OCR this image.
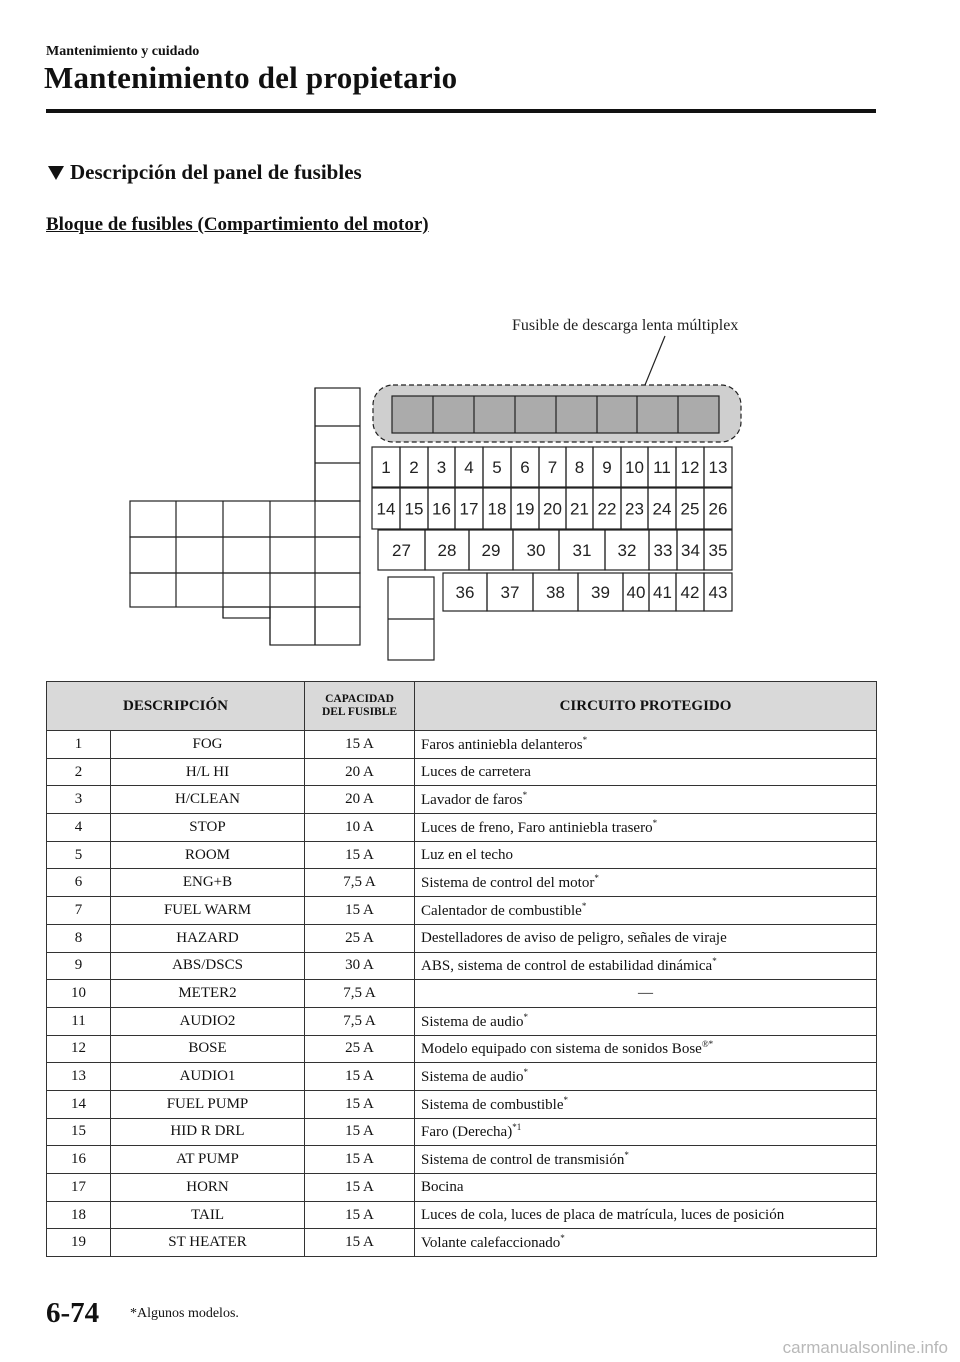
Mantenimiento y cuidado
Mantenimiento del propietario
Descripción del panel de fusibles
Bloque de fusibles (Compartimiento del motor)
Fusible de descarga lenta múltiplex
1 2 3 4 5 6 7 8 9 10 11 12 13
14 15 16 17 18 19 20 21 22 23 24 25 26
27 28 29 30 31 32 33 34 35
36 37 38 39 40 41 42 43
DESCRIPCIÓN		CAPACIDAD
DEL FUSIBLE	CIRCUITO PROTEGIDO
1	FOG	15 A	Faros antiniebla delanteros*
2	H/L HI	20 A	Luces de carretera
3	H/CLEAN	20 A	Lavador de faros*
4	STOP	10 A	Luces de freno, Faro antiniebla trasero*
5	ROOM	15 A	Luz en el techo
6	ENG+B	7,5 A	Sistema de control del motor*
7	FUEL WARM	15 A	Calentador de combustible*
8	HAZARD	25 A	Destelladores de aviso de peligro, señales de viraje
9	ABS/DSCS	30 A	ABS, sistema de control de estabilidad dinámica*
10	METER2	7,5 A	—
11	AUDIO2	7,5 A	Sistema de audio*
12	BOSE	25 A	Modelo equipado con sistema de sonidos Bose®*
13	AUDIO1	15 A	Sistema de audio*
14	FUEL PUMP	15 A	Sistema de combustible*
15	HID R DRL	15 A	Faro (Derecha)$^{*1}$
16	AT PUMP	15 A	Sistema de control de transmisión*
17	HORN	15 A	Bocina
18	TAIL	15 A	Luces de cola, luces de placa de matrícula, luces de posición
19	ST HEATER	15 A	Volante calefaccionado*
6-74 *Algunos modelos.
carmanualsonline.info
